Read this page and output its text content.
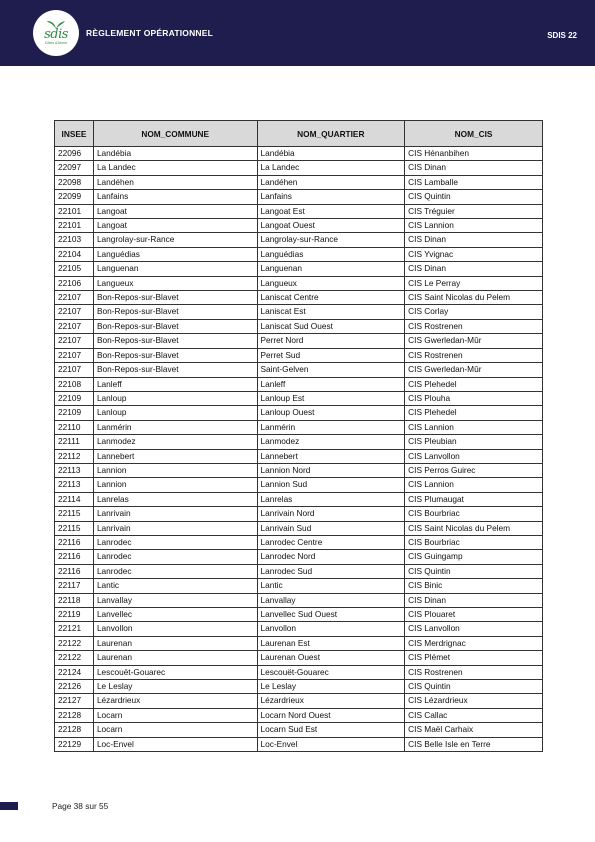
sdis
Côtes d'Armor
RÈGLEMENT OPÉRATIONNEL	SDIS 22
INSEE	NOM_COMMUNE	NOM_QUARTIER	NOM_CIS
22096	Landébia	Landébia	CIS Hénanbihen
22097	La Landec	La Landec	CIS Dinan
22098	Landéhen	Landéhen	CIS Lamballe
22099	Lanfains	Lanfains	CIS Quintin
22101	Langoat	Langoat Est	CIS Tréguier
22101	Langoat	Langoat Ouest	CIS Lannion
22103	Langrolay-sur-Rance	Langrolay-sur-Rance	CIS Dinan
22104	Languédias	Languédias	CIS Yvignac
22105	Languenan	Languenan	CIS Dinan
22106	Langueux	Langueux	CIS Le Perray
22107	Bon-Repos-sur-Blavet	Laniscat Centre	CIS Saint Nicolas du Pelem
22107	Bon-Repos-sur-Blavet	Laniscat Est	CIS Corlay
22107	Bon-Repos-sur-Blavet	Laniscat Sud Ouest	CIS Rostrenen
22107	Bon-Repos-sur-Blavet	Perret Nord	CIS Gwerledan-Mûr
22107	Bon-Repos-sur-Blavet	Perret Sud	CIS Rostrenen
22107	Bon-Repos-sur-Blavet	Saint-Gelven	CIS Gwerledan-Mûr
22108	Lanleff	Lanleff	CIS Plehedel
22109	Lanloup	Lanloup Est	CIS Plouha
22109	Lanloup	Lanloup Ouest	CIS Plehedel
22110	Lanmérin	Lanmérin	CIS Lannion
22111	Lanmodez	Lanmodez	CIS Pleubian
22112	Lannebert	Lannebert	CIS Lanvollon
22113	Lannion	Lannion Nord	CIS Perros Guirec
22113	Lannion	Lannion Sud	CIS Lannion
22114	Lanrelas	Lanrelas	CIS Plumaugat
22115	Lanrivain	Lanrivain Nord	CIS Bourbriac
22115	Lanrivain	Lanrivain Sud	CIS Saint Nicolas du Pelem
22116	Lanrodec	Lanrodec Centre	CIS Bourbriac
22116	Lanrodec	Lanrodec Nord	CIS Guingamp
22116	Lanrodec	Lanrodec Sud	CIS Quintin
22117	Lantic	Lantic	CIS Binic
22118	Lanvallay	Lanvallay	CIS Dinan
22119	Lanvellec	Lanvellec Sud Ouest	CIS Plouaret
22121	Lanvollon	Lanvollon	CIS Lanvollon
22122	Laurenan	Laurenan Est	CIS Merdrignac
22122	Laurenan	Laurenan Ouest	CIS Plémet
22124	Lescouët-Gouarec	Lescouët-Gouarec	CIS Rostrenen
22126	Le Leslay	Le Leslay	CIS Quintin
22127	Lézardrieux	Lézardrieux	CIS Lézardrieux
22128	Locarn	Locarn Nord Ouest	CIS Callac
22128	Locarn	Locarn Sud Est	CIS Maël Carhaix
22129	Loc-Envel	Loc-Envel	CIS Belle Isle en Terre
Page 38 sur 55
